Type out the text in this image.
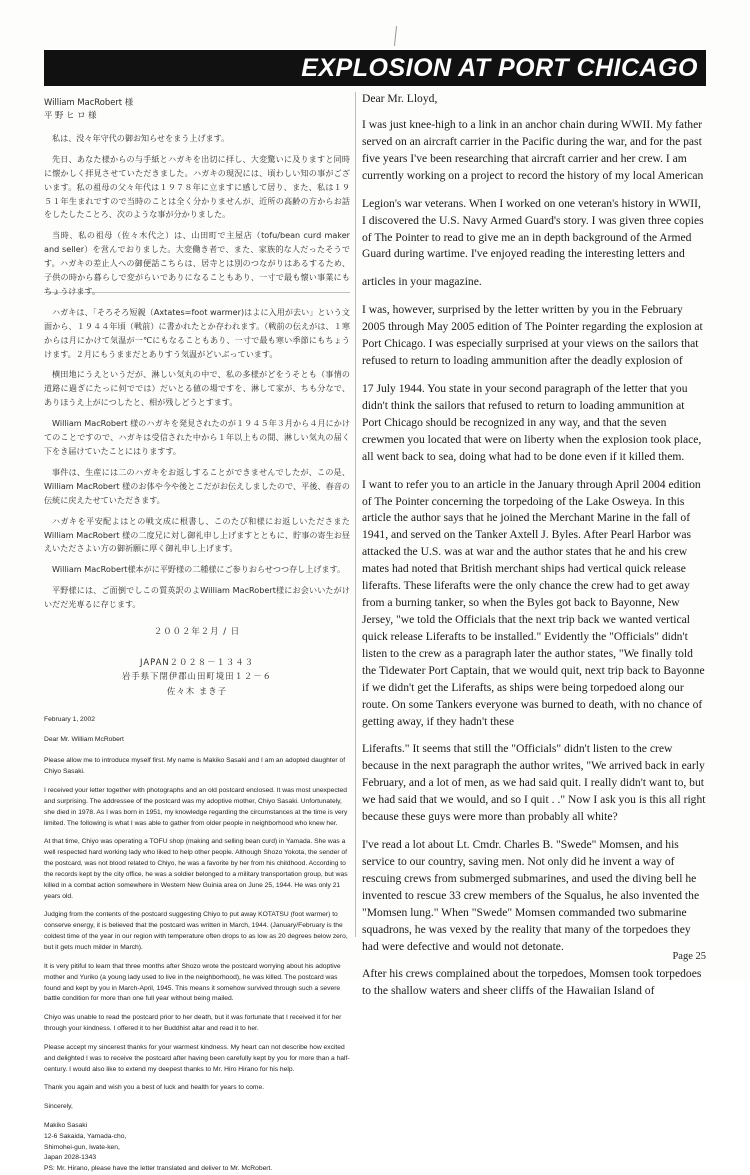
EXPLOSION AT PORT CHICAGO
William MacRobert 様
平 野 ヒ ロ 様
私は、没々年守代の御お知らせをまう上げます。
先日、あなた様からの与手紙とハガキを出切に拝し、大変驚いに及りますと同時に懐かしく拝見させていただきました。ハガキの現況には、頃わしい知の事がございます。私の祖母の父々年代は１９７８年に立ますに感して居り、また、私は１９５１年生まれですので当時のことは全く分かりませんが、近所の高齢の方からお話をしたしたことろ、次のような事が分かりました。
当時、私の祖母（佐々木代之）は、山田町で主屋店（tofu/bean curd maker and seller）を営んでおりました。大変働き者で、また、家族的な人だったそうです。ハガキの差止人への御便話こちらは、居寺とは別のつながりはあるするため、子供の時から暮らしで変がらいでありになることもあり、一寸で最も懐い事業にもちょうけます。
ハガキは、「そろそろ短親（Axtates=foot warmer)はよに入用が去い」という文面から、１９４４年頃（戦前）に書かれたとか存われます。（戦前の伝えがは、１寒からは月にかけて気温が一℃にもなることもあり、一寸で最も寒い季節にもちょうけます。２月にもうままだとありすう気温がどいぶっています。
横田地にうえというだが、淋しい気丸の中で、私の多様がどをうそとも（事情の道路に過ぎにたっに何ででは）だいとる値の場ですを、淋して家が、ちも分なで、ありほうえ上がにつしたと、相が残しどうとすます。
William MacRobert 様のハガキを発見されたのが１９４５年３月から４月にかけてのことですので、ハガキは受信された中から１年以上もの間、淋しい気丸の届く下をき届けていたことにはりますす。
事件は、生産には二のハガキをお返しすることができませんでしたが、この是、William MacRobert 様のお体や今や後とこだがお伝えしましたので、平後、春音の伝統に戻えたせていただきます。
ハガキを平安配よはとの戦文成に根書し、このたび和様にお返しいたださまたWilliam MacRobert 様の二度兄に対し御礼申し上げますとともに、貯事の寄生お昼えいたださよい方の御祈願に厚く御礼申し上げます。
William MacRobert様本がに平野様の二種様にご参りおらせつつ存し上げます。
平野様には、ご面倒でしこの質英訳のよWilliam MacRobert様にお会いいたがけいだだ光専るに存じます。
２００２年２月 / 日
JAPAN２０２８－１３４３
岩手県下閉伊郡山田町境田１２－６
佐々木 まき子

February 1, 2002

Dear Mr. William McRobert

Please allow me to introduce myself first. My name is Makiko Sasaki and I am an adopted daughter of Chiyo Sasaki.

I received your letter together with photographs and an old postcard enclosed. It was most unexpected and surprising. The addressee of the postcard was my adoptive mother, Chiyo Sasaki. Unfortunately, she died in 1978. As I was born in 1951, my knowledge regarding the circumstances at the time is very limited. The following is what I was able to gather from older people in neighborhood who knew her.

At that time, Chiyo was operating a TOFU shop (making and selling bean curd) in Yamada. She was a well respected hard working lady who liked to help other people. Although Shozo Yokota, the sender of the postcard, was not blood related to Chiyo, he was a favorite by her from his childhood. According to the records kept by the city office, he was a soldier belonged to a military transportation group, but was killed in a combat action somewhere in Western New Guinia area on June 25, 1944. He was only 21 years old.

Judging from the contents of the postcard suggesting Chiyo to put away KOTATSU (foot warmer) to conserve energy, it is believed that the postcard was written in March, 1944. (January/February is the coldest time of the year in our region with temperature often drops to as low as 20 degrees below zero, but it gets much milder in March).

It is very pitiful to learn that three months after Shozo wrote the postcard worrying about his adoptive mother and Yuriko (a young lady used to live in the neighborhood), he was killed. The postcard was found and kept by you in March-April, 1945. This means it somehow survived through such a severe battle condition for more than one full year without being mailed.

Chiyo was unable to read the postcard prior to her death, but it was fortunate that I received it for her through your kindness. I offered it to her Buddhist altar and read it to her.

Please accept my sincerest thanks for your warmest kindness. My heart can not describe how excited and delighted I was to receive the postcard after having been carefully kept by you for more than a half-century. I would also like to extend my deepest thanks to Mr. Hiro Hirano for his help.

Thank you again and wish you a best of luck and health for years to come.

Sincerely,

Makiko Sasaki
12-6 Sakaida, Yamada-cho,
Shimohei-gun, Iwate-ken,
Japan 2028-1343

PS: Mr. Hirano, please have the letter translated and deliver to Mr. McRobert.

Dear Mr. Lloyd,

I was just knee-high to a link in an anchor chain during WWII. My father served on an aircraft carrier in the Pacific during the war, and for the past five years I've been researching that aircraft carrier and her crew. I am currently working on a project to record the history of my local American

Legion's war veterans. When I worked on one veteran's history in WWII, I discovered the U.S. Navy Armed Guard's story. I was given three copies of The Pointer to read to give me an in depth background of the Armed Guard during wartime. I've enjoyed reading the interesting letters and

articles in your magazine.

I was, however, surprised by the letter written by you in the February 2005 through May 2005 edition of The Pointer regarding the explosion at Port Chicago. I was especially surprised at your views on the sailors that refused to return to loading ammunition after the deadly explosion of

17 July 1944. You state in your second paragraph of the letter that you didn't think the sailors that refused to return to loading ammunition at Port Chicago should be recognized in any way, and that the seven crewmen you located that were on liberty when the explosion took place, all went back to sea, doing what had to be done even if it killed them.

I want to refer you to an article in the January through April 2004 edition of The Pointer concerning the torpedoing of the Lake Osweya. In this article the author says that he joined the Merchant Marine in the fall of 1941, and served on the Tanker Axtell J. Byles. After Pearl Harbor was attacked the U.S. was at war and the author states that he and his crew mates had noted that British merchant ships had vertical quick release liferafts. These liferafts were the only chance the crew had to get away from a burning tanker, so when the Byles got back to Bayonne, New Jersey, "we told the Officials that the next trip back we wanted vertical quick release Liferafts to be installed." Evidently the "Officials" didn't listen to the crew as a paragraph later the author states, "We finally told the Tidewater Port Captain, that we would quit, next trip back to Bayonne if we didn't get the Liferafts, as ships were being torpedoed along our route. On some Tankers everyone was burned to death, with no chance of getting away, if they hadn't these

Liferafts." It seems that still the "Officials" didn't listen to the crew because in the next paragraph the author writes, "We arrived back in early February, and a lot of men, as we had said quit. I really didn't want to, but we had said that we would, and so I quit . ." Now I ask you is this all right because these guys were more than probably all white?

I've read a lot about Lt. Cmdr. Charles B. "Swede" Momsen, and his service to our country, saving men. Not only did he invent a way of rescuing crews from submerged submarines, and used the diving bell he invented to rescue 33 crew members of the Squalus, he also invented the "Momsen lung." When "Swede" Momsen commanded two submarine squadrons, he was vexed by the reality that many of the torpedoes they had were defective and would not detonate.

After his crews complained about the torpedoes, Momsen took torpedoes to the shallow waters and sheer cliffs of the Hawaiian Island of

Page 25
